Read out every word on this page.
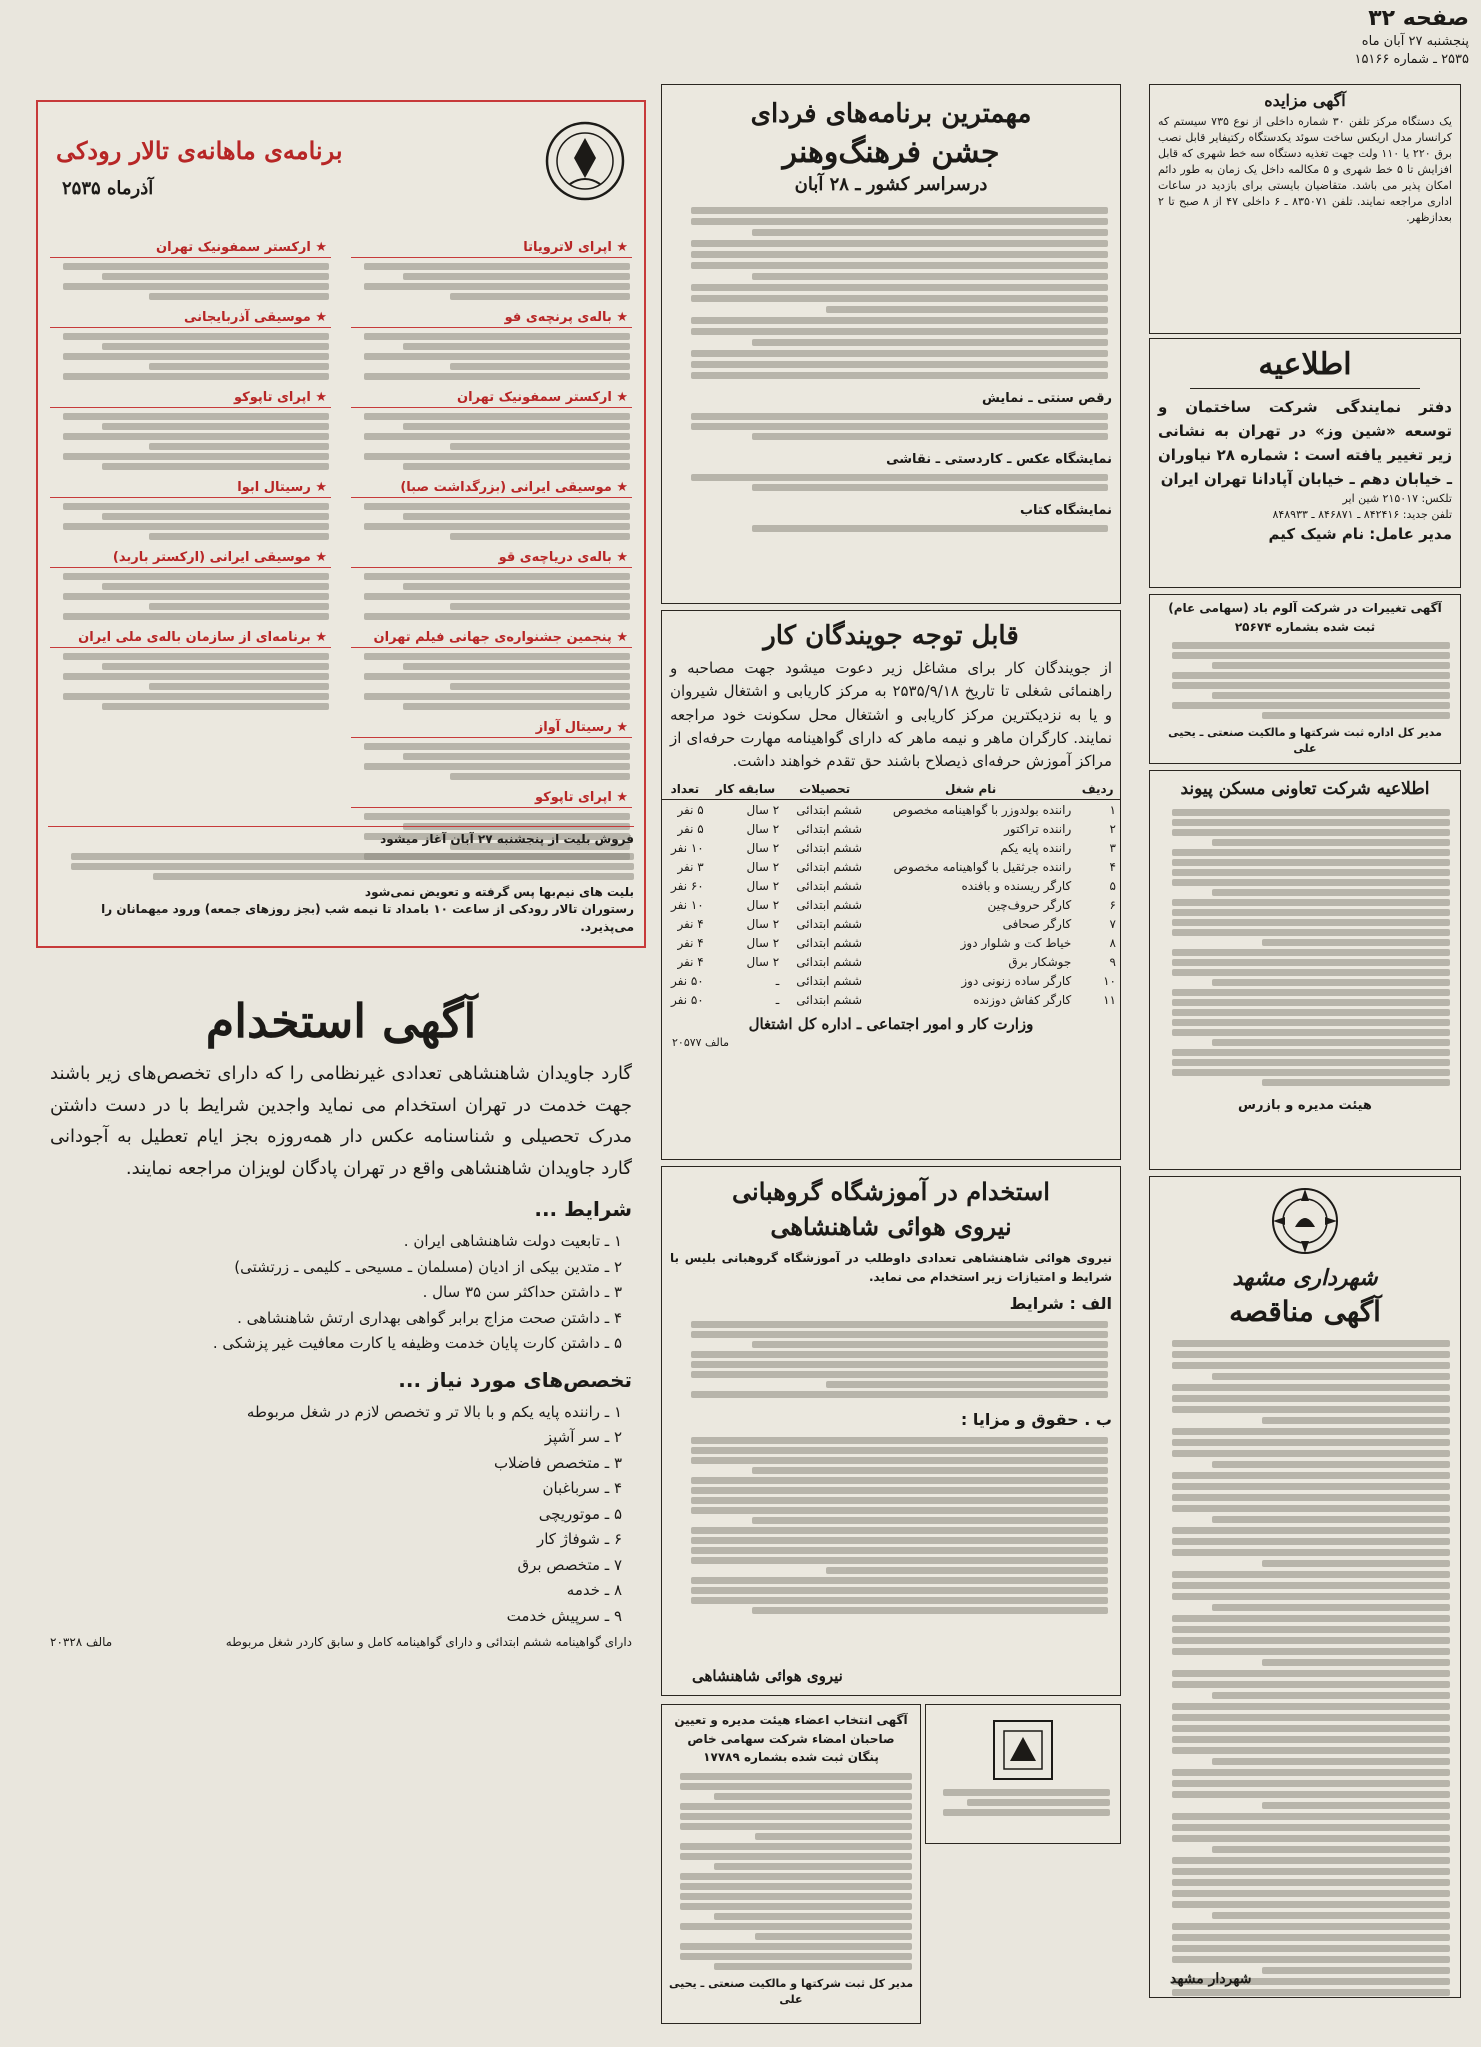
صفحه ۳۲
پنجشنبه ۲۷ آبان ماه
۲۵۳۵ ـ شماره ۱۵۱۶۶
آگهی مزایده
یک دستگاه مرکز تلفن ۳۰ شماره داخلی از نوع ۷۳۵ سیستم که کرانسار مدل اریکس ساخت سوئد یکدستگاه رکتیفایر قابل نصب برق ۲۲۰ یا ۱۱۰ ولت جهت تغذیه دستگاه سه خط شهری که قابل افزایش تا ۵ خط شهری و ۵ مکالمه داخل یک زمان به طور دائم امکان پذیر می باشد. متقاضیان بایستی برای بازدید در ساعات اداری مراجعه نمایند. تلفن ۸۳۵۰۷۱ ـ ۶ داخلی ۴۷ از ۸ صبح تا ۲ بعدازظهر.
اطلاعیه
دفتر نمایندگی شرکت ساختمان و توسعه «شین وز» در تهران به نشانی زیر تغییر یافته است : شماره ۲۸ نیاوران ـ خیابان دهم ـ خیابان آپادانا تهران ایران
تلکس: ۲۱۵۰۱۷ شین ایر
تلفن جدید: ۸۴۲۴۱۶ ـ ۸۴۶۸۷۱ ـ ۸۴۸۹۳۳
مدیر عامل: نام شیک کیم
آگهی تغییرات در شرکت آلوم باد (سهامی عام) ثبت شده بشماره ۲۵۶۷۴
مدیر کل اداره ثبت شرکتها و مالکیت صنعتی ـ یحیی علی
اطلاعیه شرکت تعاونی مسکن پیوند
هیئت مدیره و بازرس
شهرداری مشهد
آگهی مناقصه
شهردار مشهد
مهمترین برنامه‌های فردای
جشن فرهنگ‌وهنر
درسراسر کشور ـ ۲۸ آبان
رقص سنتی ـ نمایش
نمایشگاه عکس ـ کاردستی ـ نقاشی
نمایشگاه کتاب
قابل توجه جویندگان کار
از جویندگان کار برای مشاغل زیر دعوت میشود جهت مصاحبه و راهنمائی شغلی تا تاریخ ۲۵۳۵/۹/۱۸ به مرکز کاریابی و اشتغال شیروان و یا به نزدیکترین مرکز کاریابی و اشتغال محل سکونت خود مراجعه نمایند. کارگران ماهر و نیمه ماهر که دارای گواهینامه مهارت حرفه‌ای از مراکز آموزش حرفه‌ای ذیصلاح باشند حق تقدم خواهند داشت.
ردیف	نام شغل	تحصیلات	سابقه کار	تعداد
۱	راننده بولدوزر با گواهینامه مخصوص	ششم ابتدائی	۲ سال	۵ نفر
۲	راننده تراکتور	ششم ابتدائی	۲ سال	۵ نفر
۳	راننده پایه یکم	ششم ابتدائی	۲ سال	۱۰ نفر
۴	راننده جرثقیل با گواهینامه مخصوص	ششم ابتدائی	۲ سال	۳ نفر
۵	کارگر ریسنده و بافنده	ششم ابتدائی	۲ سال	۶۰ نفر
۶	کارگر حروف‌چین	ششم ابتدائی	۲ سال	۱۰ نفر
۷	کارگر صحافی	ششم ابتدائی	۲ سال	۴ نفر
۸	خیاط کت و شلوار دوز	ششم ابتدائی	۲ سال	۴ نفر
۹	جوشکار برق	ششم ابتدائی	۲ سال	۴ نفر
۱۰	کارگر ساده زنونی دوز	ششم ابتدائی	ـ	۵۰ نفر
۱۱	کارگر کفاش دوزنده	ششم ابتدائی	ـ	۵۰ نفر
وزارت کار و امور اجتماعی ـ اداره کل اشتغال
مالف ۲۰۵۷۷
استخدام در آموزشگاه گروهبانی
نیروی هوائی شاهنشاهی
نیروی هوائی شاهنشاهی تعدادی داوطلب در آموزشگاه گروهبانی بلیس با شرایط و امتیازات زیر استخدام می نماید.
الف : شرایط
ب . حقوق و مزایا :
نیروی هوائی شاهنشاهی
آگهی انتخاب اعضاء هیئت مدیره و تعیین صاحبان امضاء شرکت سهامی خاص پنگان ثبت شده بشماره ۱۷۷۸۹
مدیر کل ثبت شرکتها و مالکیت صنعتی ـ یحیی علی
برنامه‌ی ماهانه‌ی تالار رودکی
آذرماه ۲۵۳۵
★ اپرای لاترویاتا
★ باله‌ی پرنچه‌ی فو
★ ارکستر سمفونیک تهران
★ موسیقی ایرانی (بزرگداشت صبا)
★ باله‌ی دریاچه‌ی قو
★ پنجمین جشنواره‌ی جهانی فیلم تهران
★ رسیتال آواز
★ اپرای تاپوکو
★ ارکستر سمفونیک تهران
★ موسیقی آذربایجانی
★ اپرای تاپوکو
★ رسیتال ابوا
★ موسیقی ایرانی (ارکستر باربد)
★ برنامه‌ای از سازمان باله‌ی ملی ایران
فروش بلیت از پنجشنبه ۲۷ آبان آغاز میشود
بلیت های نیم‌بها پس گرفته و تعویض نمی‌شود
رستوران تالار رودکی از ساعت ۱۰ بامداد تا نیمه شب (بجز روزهای جمعه) ورود میهمانان را می‌پذیرد.
آگهی استخدام
گارد جاویدان شاهنشاهی تعدادی غیرنظامی را که دارای تخصص‌های زیر باشند جهت خدمت در تهران استخدام می نماید واجدین شرایط با در دست داشتن مدرک تحصیلی و شناسنامه عکس دار همه‌روزه بجز ایام تعطیل به آجودانی گارد جاویدان شاهنشاهی واقع در تهران پادگان لویزان مراجعه نمایند.
شرایط ...
۱ ـ تابعیت دولت شاهنشاهی ایران .
۲ ـ متدین بیکی از ادیان (مسلمان ـ مسیحی ـ کلیمی ـ زرتشتی)
۳ ـ داشتن حداکثر سن ۳۵ سال .
۴ ـ داشتن صحت مزاج برابر گواهی بهداری ارتش شاهنشاهی .
۵ ـ داشتن کارت پایان خدمت وظیفه یا کارت معافیت غیر پزشکی .
تخصص‌های مورد نیاز ...
۱ ـ راننده پایه یکم و با بالا تر و تخصص لازم در شغل مربوطه
۲ ـ سر آشپز
۳ ـ متخصص فاضلاب
۴ ـ سرباغبان
۵ ـ موتوریچی
۶ ـ شوفاژ کار
۷ ـ متخصص برق
۸ ـ خدمه
۹ ـ سرپیش خدمت
دارای گواهینامه ششم ابتدائی و دارای گواهینامه کامل و سابق کاردر شغل مربوطه
مالف ۲۰۳۲۸
